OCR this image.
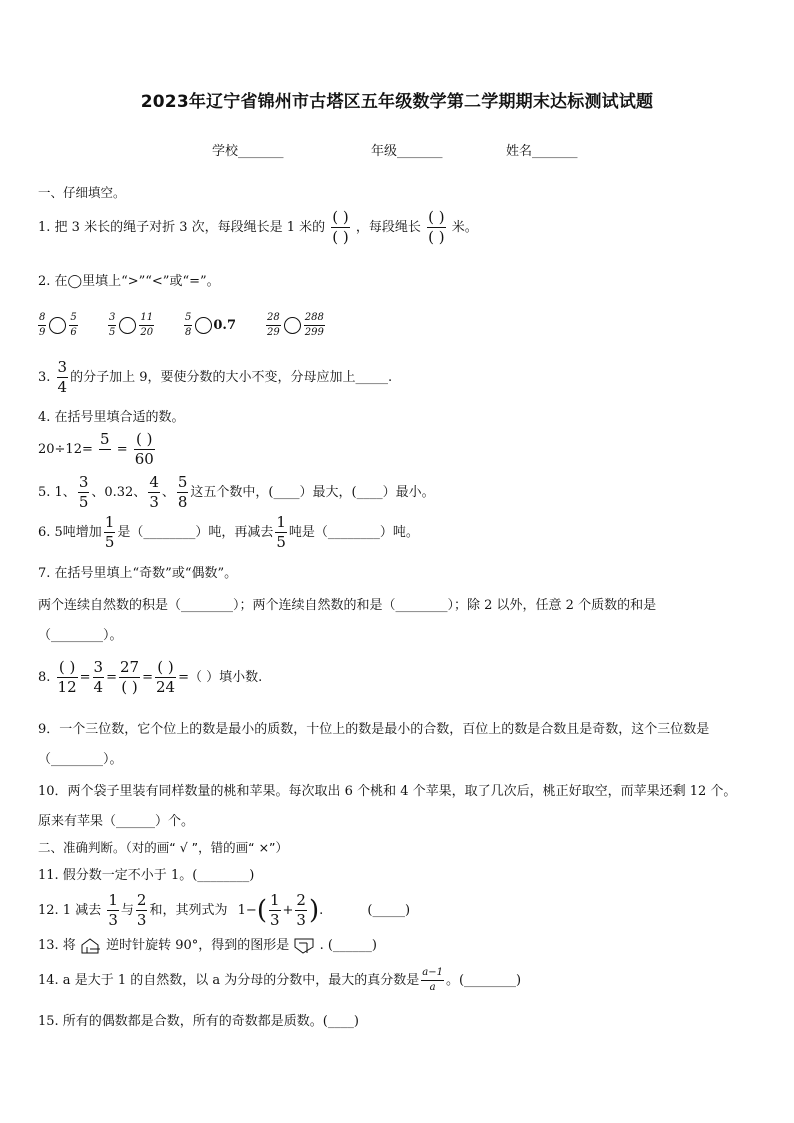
2023年辽宁省锦州市古塔区五年级数学第二学期期末达标测试试题
学校_______	年级_______	姓名_______
一、仔细填空。
1. 把 3 米长的绳子对折 3 次，每段绳长是 1 米的 $\frac{( )}{( )}$ ，每段绳长 $\frac{( )}{( )}$ 米。
2. 在◯里填上“>”“<”或“=”。
$\frac{8}{9} \frac{5}{6}$	$\frac{3}{5} \frac{11}{20}$	$\frac{5}{8} 0.7$	$\frac{28}{29} \frac{288}{299}$
3. $\frac{3}{4}$ 的分子加上 9，要使分数的大小不变，分母应加上_____.
4. 在括号里填合适的数。
20÷12=
5
= $\frac{( )}{60}$
5. 1、 $\frac{3}{5}$ 、0.32、 $\frac{4}{3}$ 、 $\frac{5}{8}$ 这五个数中，(____）最大，(____）最小。
6. 5吨增加 $\frac{1}{5}$ 是（________）吨，再减去 $\frac{1}{5}$ 吨是（________）吨。
7. 在括号里填上“奇数”或“偶数”。
两个连续自然数的积是（________）；两个连续自然数的和是（________）；除 2 以外，任意 2 个质数的和是
（________）。
8. $\frac{( )}{12} = \frac{3}{4} = \frac{27}{( )} = \frac{( )}{24}$ =（ ）填小数.
9．一个三位数，它个位上的数是最小的质数，十位上的数是最小的合数，百位上的数是合数且是奇数，这个三位数是
（________）。
10．两个袋子里装有同样数量的桃和苹果。每次取出 6 个桃和 4 个苹果，取了几次后，桃正好取空，而苹果还剩 12 个。
原来有苹果（______）个。
二、准确判断。（对的画“ √ ”，错的画“ ×”）
11. 假分数一定不小于 1。(________)
12. 1 减去 $\frac{1}{3}$ 与 $\frac{2}{3}$ 和，其列式为 $1-( \frac{1}{3} + \frac{2}{3}$ ).	(_____)
13. 将 逆时针旋转 90°，得到的图形是 . (______)
14. a 是大于 1 的自然数，以 a 为分母的分数中，最大的真分数是 $\frac{a-1}{a}$ 。(________)
15. 所有的偶数都是合数，所有的奇数都是质数。(____)
